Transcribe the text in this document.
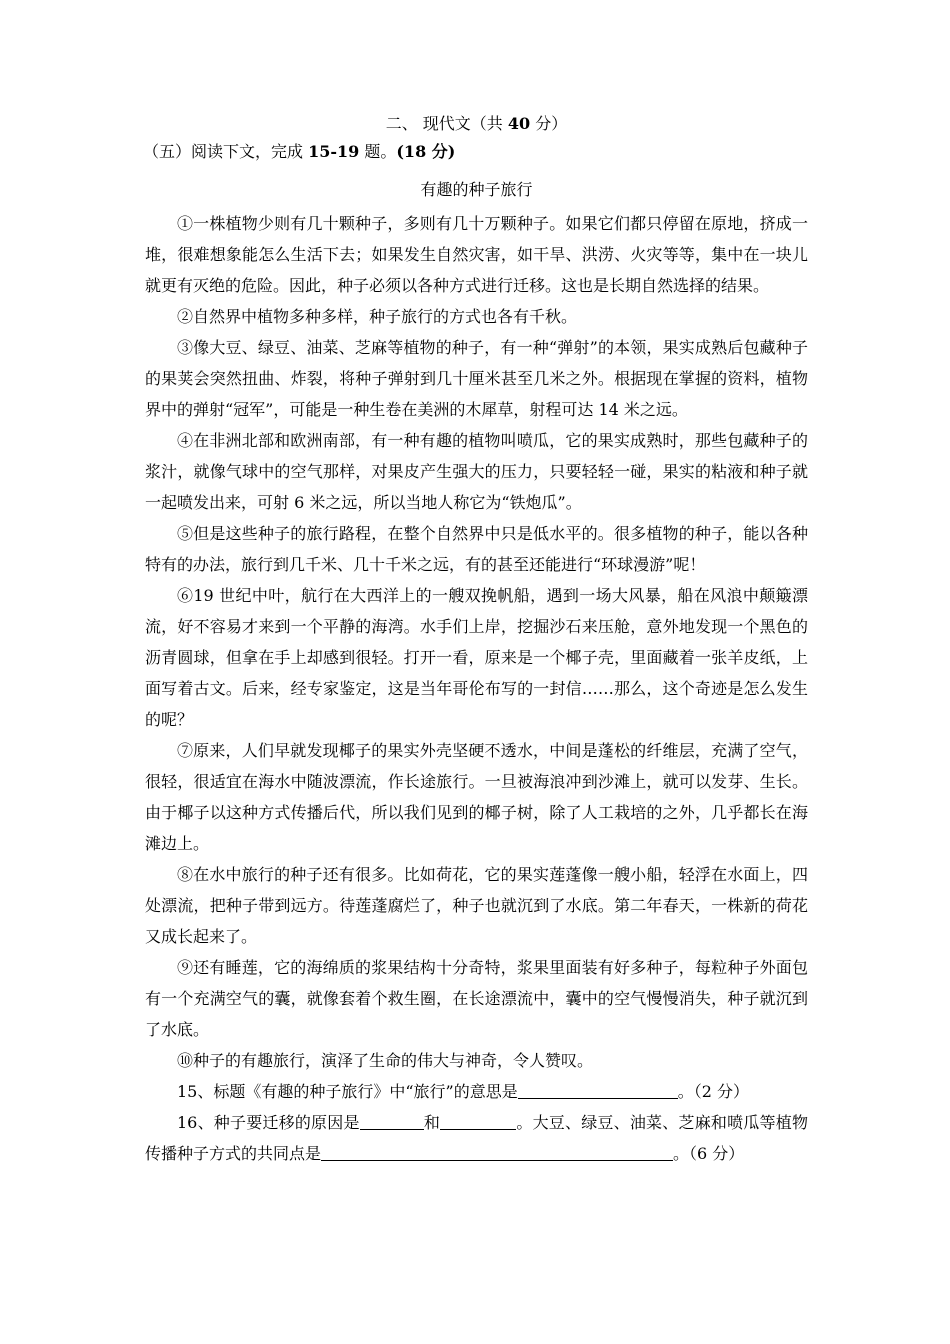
二、 现代文（共 40 分）

（五）阅读下文，完成 15-19 题。(18 分)

有趣的种子旅行

①一株植物少则有几十颗种子，多则有几十万颗种子。如果它们都只停留在原地，挤成一堆，很难想象能怎么生活下去；如果发生自然灾害，如干旱、洪涝、火灾等等，集中在一块儿就更有灭绝的危险。因此，种子必须以各种方式进行迁移。这也是长期自然选择的结果。

②自然界中植物多种多样，种子旅行的方式也各有千秋。

③像大豆、绿豆、油菜、芝麻等植物的种子，有一种“弹射”的本领，果实成熟后包藏种子的果荚会突然扭曲、炸裂，将种子弹射到几十厘米甚至几米之外。根据现在掌握的资料，植物界中的弹射“冠军”，可能是一种生卷在美洲的木犀草，射程可达 14 米之远。

④在非洲北部和欧洲南部，有一种有趣的植物叫喷瓜，它的果实成熟时，那些包藏种子的浆汁，就像气球中的空气那样，对果皮产生强大的压力，只要轻轻一碰，果实的粘液和种子就一起喷发出来，可射 6 米之远，所以当地人称它为“铁炮瓜”。

⑤但是这些种子的旅行路程，在整个自然界中只是低水平的。很多植物的种子，能以各种特有的办法，旅行到几千米、几十千米之远，有的甚至还能进行“环球漫游”呢！

⑥19 世纪中叶，航行在大西洋上的一艘双挽帆船，遇到一场大风暴，船在风浪中颠簸漂流，好不容易才来到一个平静的海湾。水手们上岸，挖掘沙石来压舱，意外地发现一个黑色的沥青圆球，但拿在手上却感到很轻。打开一看，原来是一个椰子壳，里面藏着一张羊皮纸，上面写着古文。后来，经专家鉴定，这是当年哥伦布写的一封信……那么，这个奇迹是怎么发生的呢？

⑦原来，人们早就发现椰子的果实外壳坚硬不透水，中间是蓬松的纤维层，充满了空气，很轻，很适宜在海水中随波漂流，作长途旅行。一旦被海浪冲到沙滩上，就可以发芽、生长。由于椰子以这种方式传播后代，所以我们见到的椰子树，除了人工栽培的之外，几乎都长在海滩边上。

⑧在水中旅行的种子还有很多。比如荷花，它的果实莲蓬像一艘小船，轻浮在水面上，四处漂流，把种子带到远方。待莲蓬腐烂了，种子也就沉到了水底。第二年春天，一株新的荷花又成长起来了。

⑨还有睡莲，它的海绵质的浆果结构十分奇特，浆果里面装有好多种子，每粒种子外面包有一个充满空气的囊，就像套着个救生圈，在长途漂流中，囊中的空气慢慢消失，种子就沉到了水底。

⑩种子的有趣旅行，演泽了生命的伟大与神奇，令人赞叹。

15、标题《有趣的种子旅行》中“旅行”的意思是	。（2 分）

16、种子要迁移的原因是	和	。大豆、绿豆、油菜、芝麻和喷瓜等植物传播种子方式的共同点是	。（6 分）
